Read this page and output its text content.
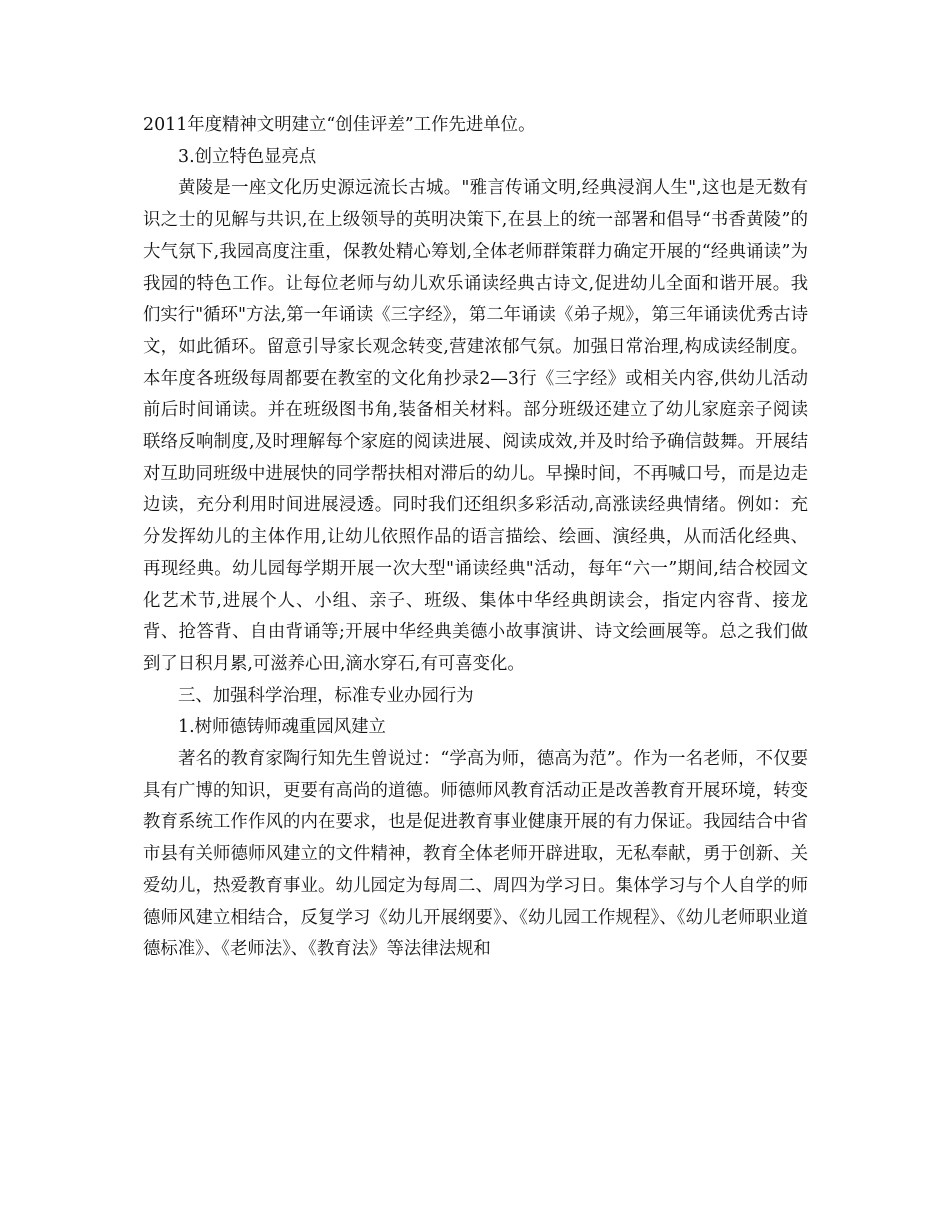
2011年度精神文明建立“创佳评差”工作先进单位。

3.创立特色显亮点

黄陵是一座文化历史源远流长古城。"雅言传诵文明,经典浸润人生",这也是无数有识之士的见解与共识,在上级领导的英明决策下,在县上的统一部署和倡导“书香黄陵”的大气氛下,我园高度注重，保教处精心筹划,全体老师群策群力确定开展的“经典诵读”为我园的特色工作。让每位老师与幼儿欢乐诵读经典古诗文,促进幼儿全面和谐开展。我们实行"循环"方法,第一年诵读《三字经》，第二年诵读《弟子规》，第三年诵读优秀古诗文，如此循环。留意引导家长观念转变,营建浓郁气氛。加强日常治理,构成读经制度。本年度各班级每周都要在教室的文化角抄录2—3行《三字经》或相关内容,供幼儿活动前后时间诵读。并在班级图书角,装备相关材料。部分班级还建立了幼儿家庭亲子阅读联络反响制度,及时理解每个家庭的阅读进展、阅读成效,并及时给予确信鼓舞。开展结对互助同班级中进展快的同学帮扶相对滞后的幼儿。早操时间，不再喊口号，而是边走边读，充分利用时间进展浸透。同时我们还组织多彩活动,高涨读经典情绪。例如：充分发挥幼儿的主体作用,让幼儿依照作品的语言描绘、绘画、演经典，从而活化经典、再现经典。幼儿园每学期开展一次大型"诵读经典"活动，每年“六一”期间,结合校园文化艺术节,进展个人、小组、亲子、班级、集体中华经典朗读会，指定内容背、接龙背、抢答背、自由背诵等;开展中华经典美德小故事演讲、诗文绘画展等。总之我们做到了日积月累,可滋养心田,滴水穿石,有可喜变化。

三、加强科学治理，标准专业办园行为

1.树师德铸师魂重园风建立

著名的教育家陶行知先生曾说过：“学高为师，德高为范”。作为一名老师，不仅要具有广博的知识，更要有高尚的道德。师德师风教育活动正是改善教育开展环境，转变教育系统工作作风的内在要求，也是促进教育事业健康开展的有力保证。我园结合中省市县有关师德师风建立的文件精神，教育全体老师开辟进取，无私奉献，勇于创新、关爱幼儿，热爱教育事业。幼儿园定为每周二、周四为学习日。集体学习与个人自学的师德师风建立相结合，反复学习《幼儿开展纲要》、《幼儿园工作规程》、《幼儿老师职业道德标准》、《老师法》、《教育法》等法律法规和
